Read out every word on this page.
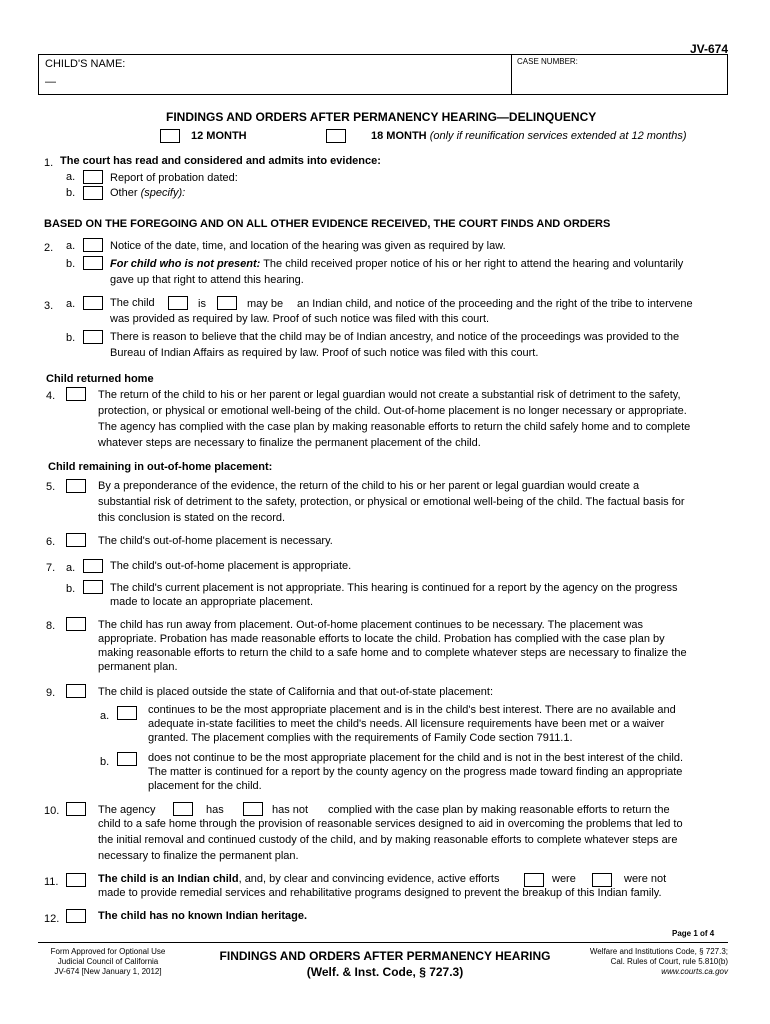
JV-674
CHILD'S NAME:	CASE NUMBER:
—
FINDINGS AND ORDERS AFTER PERMANENCY HEARING—DELINQUENCY
12 MONTH	18 MONTH (only if reunification services extended at 12 months)
1. The court has read and considered and admits into evidence:
a.	Report of probation dated:
b.	Other (specify):
BASED ON THE FOREGOING AND ON ALL OTHER EVIDENCE RECEIVED, THE COURT FINDS AND ORDERS
2. a.	Notice of the date, time, and location of the hearing was given as required by law.
b.	For child who is not present: The child received proper notice of his or her right to attend the hearing and voluntarily
gave up that right to attend this hearing.
3. a.	The child	is	may be an Indian child, and notice of the proceeding and the right of the tribe to intervene
was provided as required by law. Proof of such notice was filed with this court.
b.	There is reason to believe that the child may be of Indian ancestry, and notice of the proceedings was provided to the
Bureau of Indian Affairs as required by law. Proof of such notice was filed with this court.
Child returned home
4.	The return of the child to his or her parent or legal guardian would not create a substantial risk of detriment to the safety,
protection, or physical or emotional well-being of the child. Out-of-home placement is no longer necessary or appropriate.
The agency has complied with the case plan by making reasonable efforts to return the child safely home and to complete
whatever steps are necessary to finalize the permanent placement of the child.
Child remaining in out-of-home placement:
5.	By a preponderance of the evidence, the return of the child to his or her parent or legal guardian would create a
substantial risk of detriment to the safety, protection, or physical or emotional well-being of the child. The factual basis for
this conclusion is stated on the record.
6.	The child's out-of-home placement is necessary.
7. a.	The child's out-of-home placement is appropriate.
b.	The child's current placement is not appropriate. This hearing is continued for a report by the agency on the progress
made to locate an appropriate placement.
8.	The child has run away from placement. Out-of-home placement continues to be necessary. The placement was
appropriate. Probation has made reasonable efforts to locate the child. Probation has complied with the case plan by
making reasonable efforts to return the child to a safe home and to complete whatever steps are necessary to finalize the
permanent plan.
9.	The child is placed outside the state of California and that out-of-state placement:
a.	continues to be the most appropriate placement and is in the child's best interest. There are no available and
adequate in-state facilities to meet the child's needs. All licensure requirements have been met or a waiver
granted. The placement complies with the requirements of Family Code section 7911.1.
b.	does not continue to be the most appropriate placement for the child and is not in the best interest of the child.
The matter is continued for a report by the county agency on the progress made toward finding an appropriate
placement for the child.
10.	The agency	has	has not complied with the case plan by making reasonable efforts to return the
child to a safe home through the provision of reasonable services designed to aid in overcoming the problems that led to
the initial removal and continued custody of the child, and by making reasonable efforts to complete whatever steps are
necessary to finalize the permanent plan.
11.	The child is an Indian child, and, by clear and convincing evidence, active efforts	were	were not
made to provide remedial services and rehabilitative programs designed to prevent the breakup of this Indian family.
12.	The child has no known Indian heritage.
Page 1 of 4
Form Approved for Optional Use
Judicial Council of California
JV-674 [New January 1, 2012]
FINDINGS AND ORDERS AFTER PERMANENCY HEARING
(Welf. & Inst. Code, § 727.3)
Welfare and Institutions Code, § 727.3;
Cal. Rules of Court, rule 5.810(b)
www.courts.ca.gov
